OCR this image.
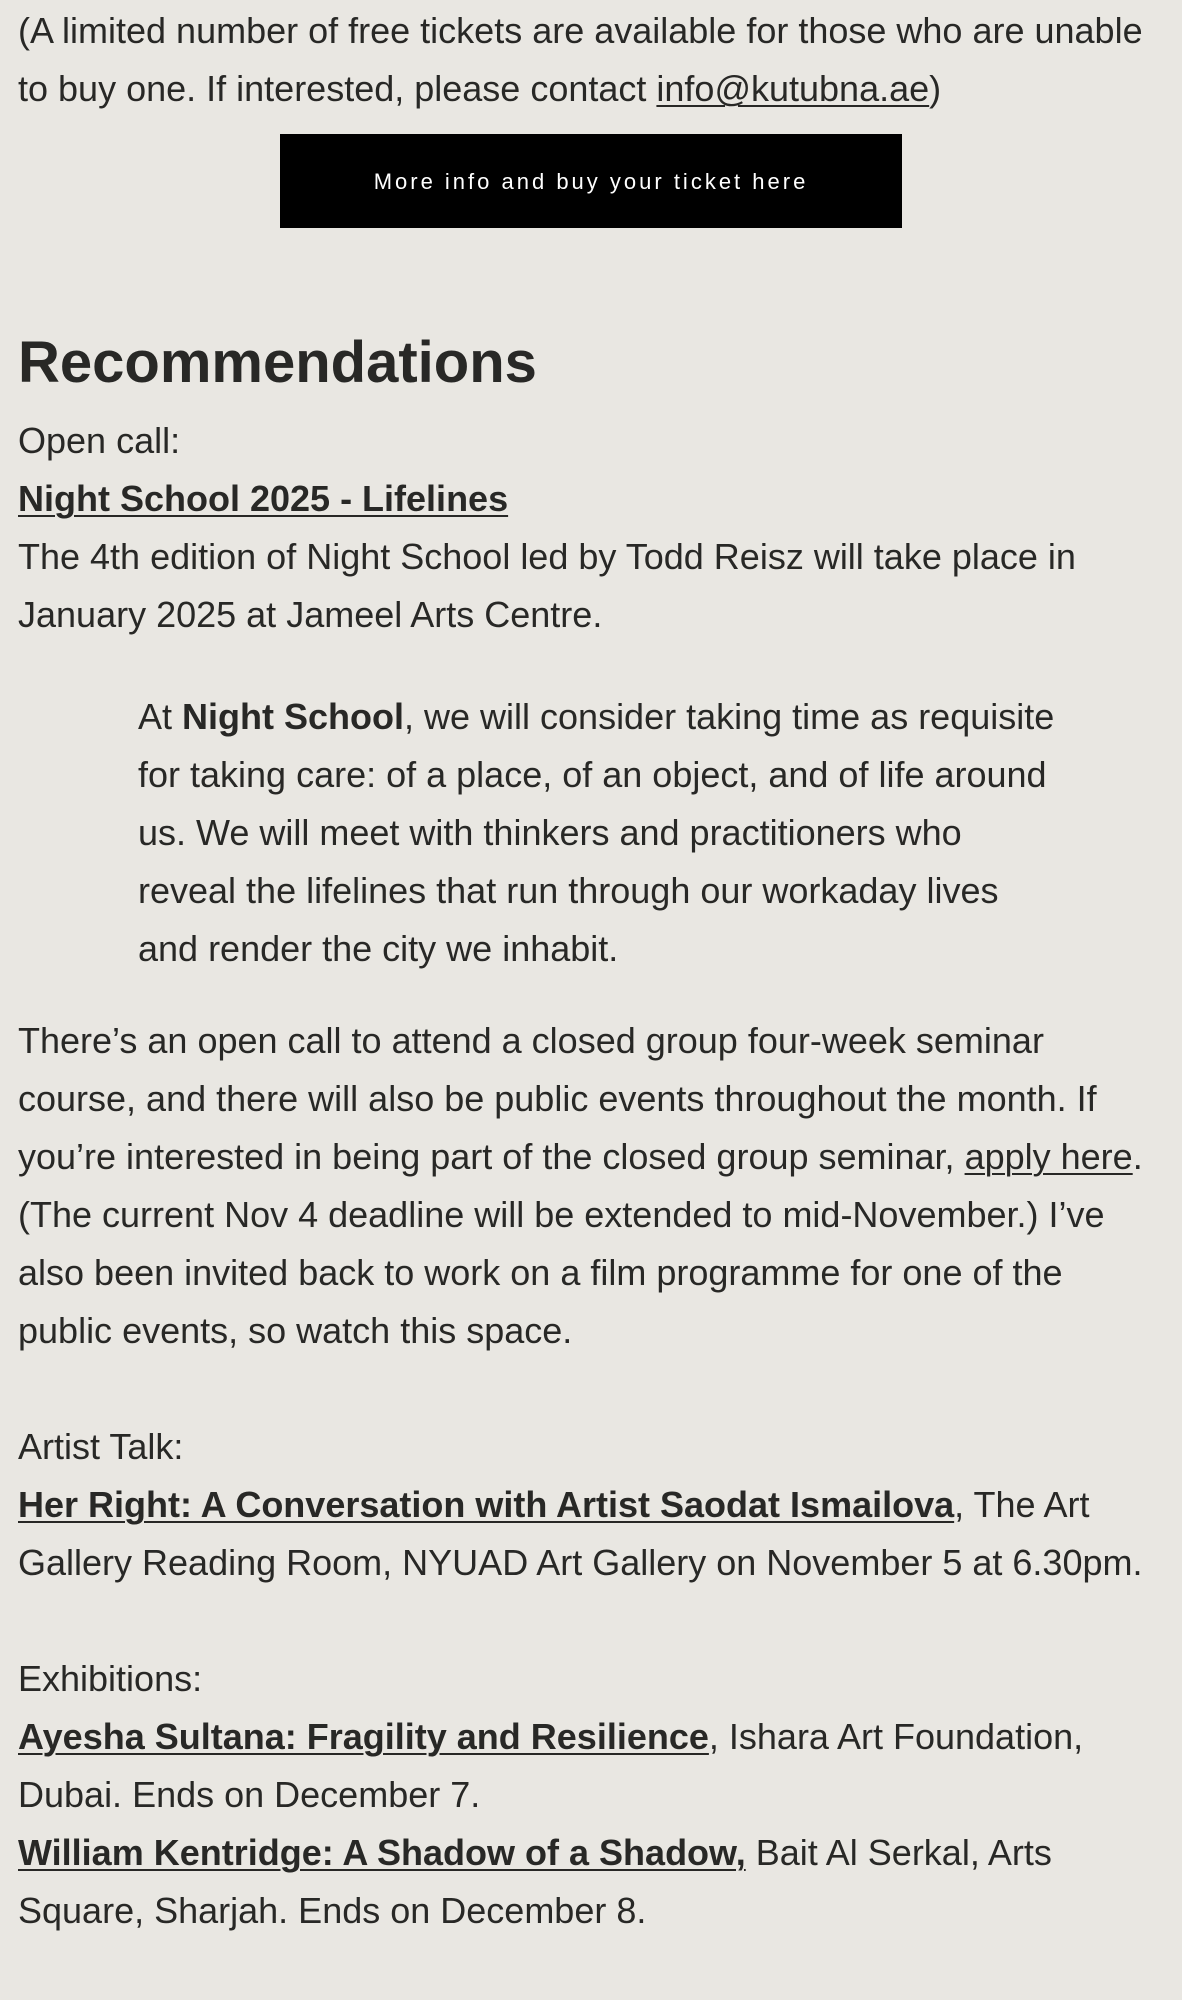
(A limited number of free tickets are available for those who are unable to buy one. If interested, please contact info@kutubna.ae)

More info and buy your ticket here
Recommendations

Open call:

Night School 2025 - Lifelines

The 4th edition of Night School led by Todd Reisz will take place in January 2025 at Jameel Arts Centre.

At Night School, we will consider taking time as requisite for taking care: of a place, of an object, and of life around us. We will meet with thinkers and practitioners who reveal the lifelines that run through our workaday lives and render the city we inhabit.

There’s an open call to attend a closed group four-week seminar course, and there will also be public events throughout the month. If you’re interested in being part of the closed group seminar, apply here. (The current Nov 4 deadline will be extended to mid-November.) I’ve also been invited back to work on a film programme for one of the public events, so watch this space.

Artist Talk:

Her Right: A Conversation with Artist Saodat Ismailova, The Art Gallery Reading Room, NYUAD Art Gallery on November 5 at 6.30pm.

Exhibitions:

Ayesha Sultana: Fragility and Resilience, Ishara Art Foundation, Dubai. Ends on December 7.

William Kentridge: A Shadow of a Shadow, Bait Al Serkal, Arts Square, Sharjah. Ends on December 8.
